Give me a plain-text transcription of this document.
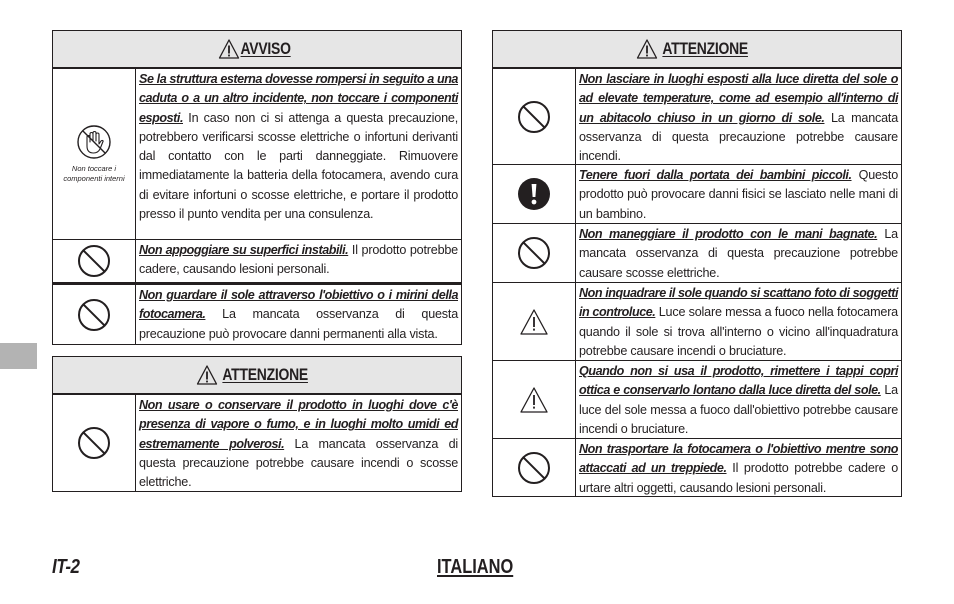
AVVISO
Non toccare i componenti interni
Se la struttura esterna dovesse rompersi in seguito a una caduta o a un altro incidente, non toccare i componenti esposti. In caso non ci si attenga a questa precauzione, potrebbero verificarsi scosse elettriche o infortuni derivanti dal contatto con le parti danneggiate. Rimuovere immediatamente la batteria della fotocamera, avendo cura di evitare infortuni o scosse elettriche, e portare il prodotto presso il punto vendita per una consulenza.
Non appoggiare su superfici instabili. Il prodotto potrebbe cadere, causando lesioni personali.
Non guardare il sole attraverso l'obiettivo o i mirini della fotocamera. La mancata osservanza di questa precauzione può provocare danni permanenti alla vista.
ATTENZIONE
Non usare o conservare il prodotto in luoghi dove c'è presenza di vapore o fumo, e in luoghi molto umidi ed estremamente polverosi. La mancata osservanza di questa precauzione potrebbe causare incendi o scosse elettriche.
ATTENZIONE
Non lasciare in luoghi esposti alla luce diretta del sole o ad elevate temperature, come ad esempio all'interno di un abitacolo chiuso in un giorno di sole. La mancata osservanza di questa precauzione potrebbe causare incendi.
Tenere fuori dalla portata dei bambini piccoli. Questo prodotto può provocare danni fisici se lasciato nelle mani di un bambino.
Non maneggiare il prodotto con le mani bagnate. La mancata osservanza di questa precauzione potrebbe causare scosse elettriche.
Non inquadrare il sole quando si scattano foto di soggetti in controluce. Luce solare messa a fuoco nella fotocamera quando il sole si trova all'interno o vicino all'inquadratura potrebbe causare incendi o bruciature.
Quando non si usa il prodotto, rimettere i tappi copri ottica e conservarlo lontano dalla luce diretta del sole. La luce del sole messa a fuoco dall'obiettivo potrebbe causare incendi o bruciature.
Non trasportare la fotocamera o l'obiettivo mentre sono attaccati ad un treppiede. Il prodotto potrebbe cadere o urtare altri oggetti, causando lesioni personali.
IT-2	ITALIANO
